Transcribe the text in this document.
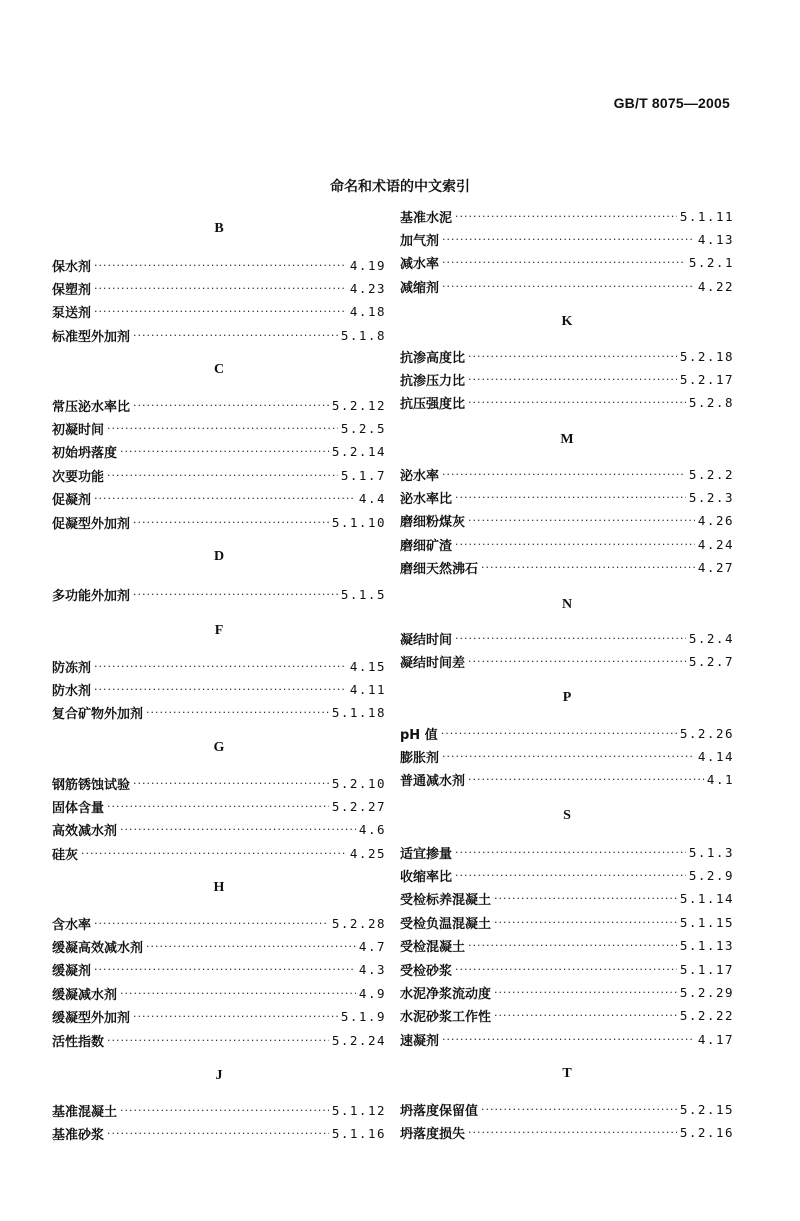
GB/T 8075—2005
命名和术语的中文索引
B
保水剂 ·····	4.19
保塑剂 ·····	4.23
泵送剂 ·····	4.18
标准型外加剂 ·····	5.1.8
C
常压泌水率比 ·····	5.2.12
初凝时间 ·····	5.2.5
初始坍落度 ·····	5.2.14
次要功能 ·····	5.1.7
促凝剂 ·····	4.4
促凝型外加剂 ·····	5.1.10
D
多功能外加剂 ·····	5.1.5
F
防冻剂 ·····	4.15
防水剂 ·····	4.11
复合矿物外加剂 ·····	5.1.18
G
钢筋锈蚀试验 ·····	5.2.10
固体含量 ·····	5.2.27
高效减水剂 ·····	4.6
硅灰 ·····	4.25
H
含水率 ·····	5.2.28
缓凝高效减水剂 ·····	4.7
缓凝剂 ·····	4.3
缓凝减水剂 ·····	4.9
缓凝型外加剂 ·····	5.1.9
活性指数 ·····	5.2.24
J
基准混凝土 ·····	5.1.12
基准砂浆 ·····	5.1.16
基准水泥 ·····	5.1.11
加气剂 ·····	4.13
减水率 ·····	5.2.1
减缩剂 ·····	4.22
K
抗渗高度比 ·····	5.2.18
抗渗压力比 ·····	5.2.17
抗压强度比 ·····	5.2.8
M
泌水率 ·····	5.2.2
泌水率比 ·····	5.2.3
磨细粉煤灰 ·····	4.26
磨细矿渣 ·····	4.24
磨细天然沸石 ·····	4.27
N
凝结时间 ·····	5.2.4
凝结时间差 ·····	5.2.7
P
pH 值 ·····	5.2.26
膨胀剂 ·····	4.14
普通减水剂 ·····	4.1
S
适宜掺量 ·····	5.1.3
收缩率比 ·····	5.2.9
受检标养混凝土 ·····	5.1.14
受检负温混凝土 ·····	5.1.15
受检混凝土 ·····	5.1.13
受检砂浆 ·····	5.1.17
水泥净浆流动度 ·····	5.2.29
水泥砂浆工作性 ·····	5.2.22
速凝剂 ·····	4.17
T
坍落度保留值 ·····	5.2.15
坍落度损失 ·····	5.2.16
